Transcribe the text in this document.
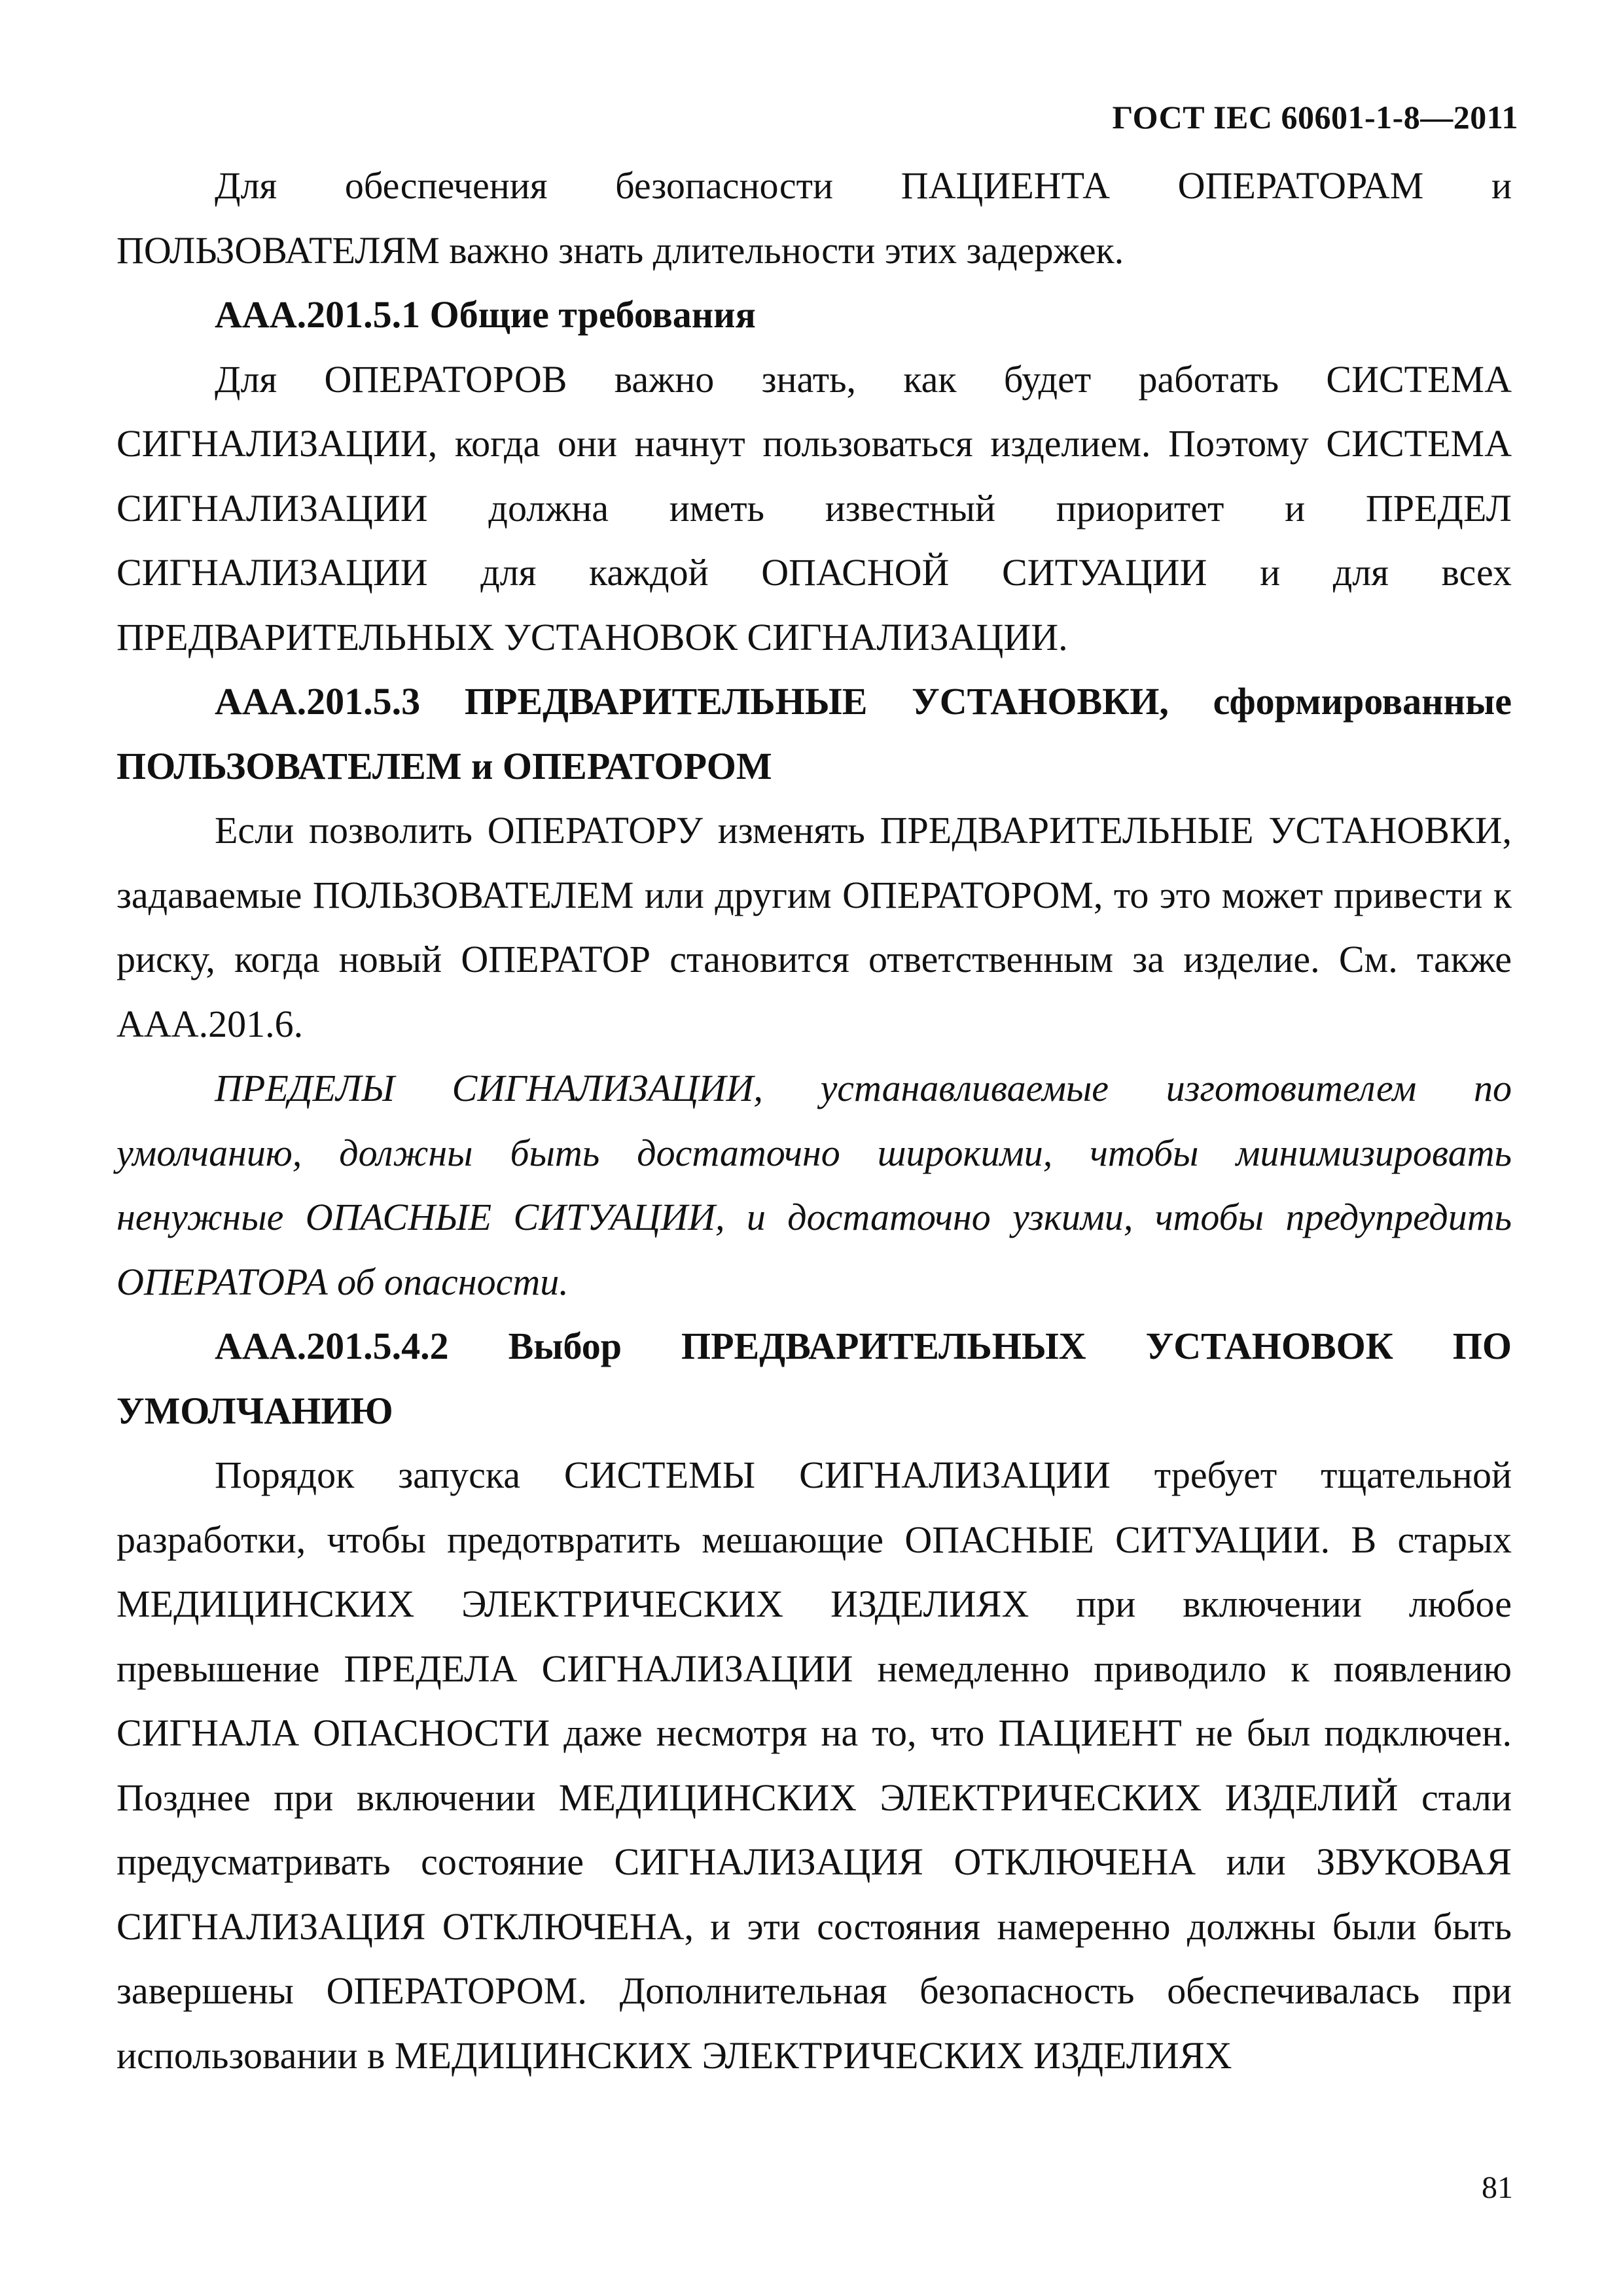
ГОСТ IEC 60601-1-8—2011

Для обеспечения безопасности ПАЦИЕНТА ОПЕРАТОРАМ и ПОЛЬЗОВАТЕЛЯМ важно знать длительности этих задержек.

ААА.201.5.1 Общие требования

Для ОПЕРАТОРОВ важно знать, как будет работать СИСТЕМА СИГНАЛИЗАЦИИ, когда они начнут пользоваться изделием. Поэтому СИСТЕМА СИГНАЛИЗАЦИИ должна иметь известный приоритет и ПРЕДЕЛ СИГНАЛИЗАЦИИ для каждой ОПАСНОЙ СИТУАЦИИ и для всех ПРЕДВАРИТЕЛЬНЫХ УСТАНОВОК СИГНАЛИЗАЦИИ.

ААА.201.5.3 ПРЕДВАРИТЕЛЬНЫЕ УСТАНОВКИ, сформированные ПОЛЬЗОВАТЕЛЕМ и ОПЕРАТОРОМ

Если позволить ОПЕРАТОРУ изменять ПРЕДВАРИТЕЛЬНЫЕ УСТАНОВКИ, задаваемые ПОЛЬЗОВАТЕЛЕМ или другим ОПЕРАТОРОМ, то это может привести к риску, когда новый ОПЕРАТОР становится ответственным за изделие. См. также ААА.201.6.

ПРЕДЕЛЫ СИГНАЛИЗАЦИИ, устанавливаемые изготовителем по умолчанию, должны быть достаточно широкими, чтобы минимизировать ненужные ОПАСНЫЕ СИТУАЦИИ, и достаточно узкими, чтобы предупредить ОПЕРАТОРА об опасности.

ААА.201.5.4.2 Выбор ПРЕДВАРИТЕЛЬНЫХ УСТАНОВОК ПО УМОЛЧАНИЮ

Порядок запуска СИСТЕМЫ СИГНАЛИЗАЦИИ требует тщательной разработки, чтобы предотвратить мешающие ОПАСНЫЕ СИТУАЦИИ. В старых МЕДИЦИНСКИХ ЭЛЕКТРИЧЕСКИХ ИЗДЕЛИЯХ при включении любое превышение ПРЕДЕЛА СИГНАЛИЗАЦИИ немедленно приводило к появлению СИГНАЛА ОПАСНОСТИ даже несмотря на то, что ПАЦИЕНТ не был подключен. Позднее при включении МЕДИЦИНСКИХ ЭЛЕКТРИЧЕСКИХ ИЗДЕЛИЙ стали предусматривать состояние СИГНАЛИЗАЦИЯ ОТКЛЮЧЕНА или ЗВУКОВАЯ СИГНАЛИЗАЦИЯ ОТКЛЮЧЕНА, и эти состояния намеренно должны были быть завершены ОПЕРАТОРОМ. Дополнительная безопасность обеспечивалась при использовании в МЕДИЦИНСКИХ ЭЛЕКТРИЧЕСКИХ ИЗДЕЛИЯХ

81
